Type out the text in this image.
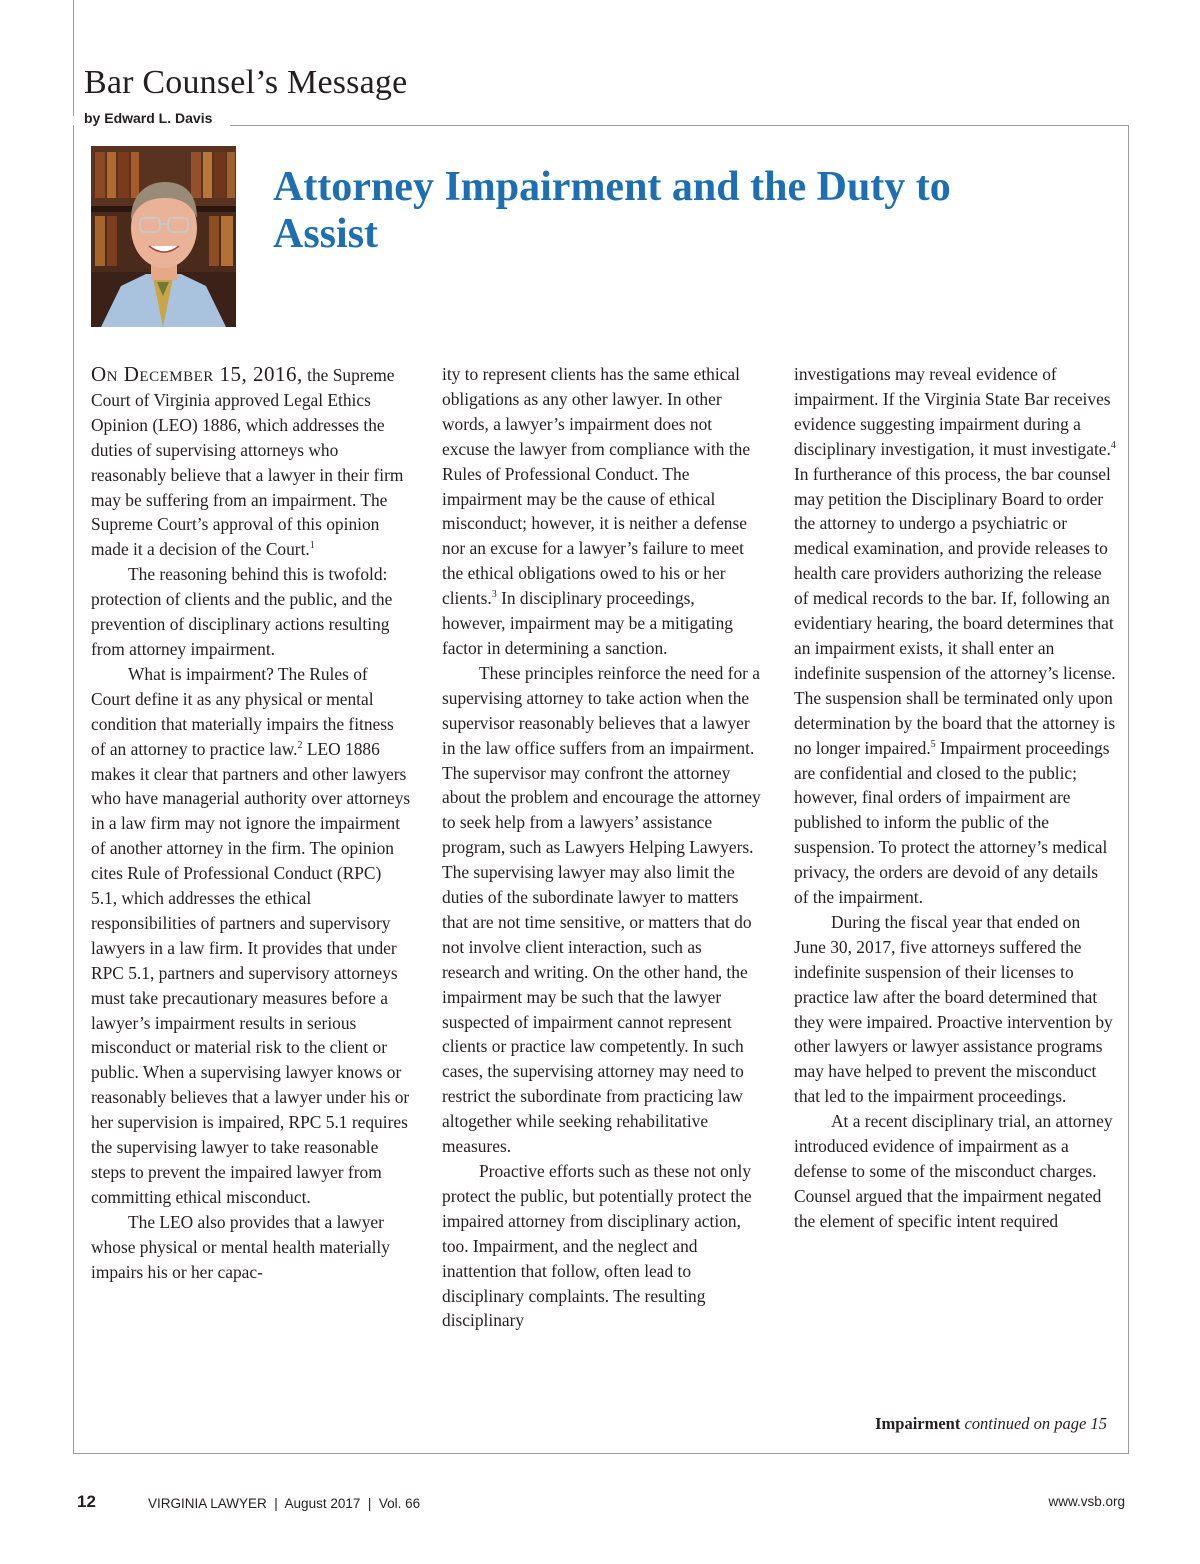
Bar Counsel’s Message
by Edward L. Davis
Attorney Impairment and the Duty to Assist

On December 15, 2016, the Supreme Court of Virginia approved Legal Ethics Opinion (LEO) 1886, which addresses the duties of supervising attorneys who reasonably believe that a lawyer in their firm may be suffering from an impairment. The Supreme Court’s approval of this opinion made it a decision of the Court.$^1$

The reasoning behind this is twofold: protection of clients and the public, and the prevention of disciplinary actions resulting from attorney impairment.

What is impairment? The Rules of Court define it as any physical or mental condition that materially impairs the fitness of an attorney to practice law.$^2$ LEO 1886 makes it clear that partners and other lawyers who have managerial authority over attorneys in a law firm may not ignore the impairment of another attorney in the firm. The opinion cites Rule of Professional Conduct (RPC) 5.1, which addresses the ethical responsibilities of partners and supervisory lawyers in a law firm. It provides that under RPC 5.1, partners and supervisory attorneys must take precautionary measures before a lawyer’s impairment results in serious misconduct or material risk to the client or public. When a supervising lawyer knows or reasonably believes that a lawyer under his or her supervision is impaired, RPC 5.1 requires the supervising lawyer to take reasonable steps to prevent the impaired lawyer from committing ethical misconduct.

The LEO also provides that a lawyer whose physical or mental health materially impairs his or her capac-

ity to represent clients has the same ethical obligations as any other lawyer. In other words, a lawyer’s impairment does not excuse the lawyer from compliance with the Rules of Professional Conduct. The impairment may be the cause of ethical misconduct; however, it is neither a defense nor an excuse for a lawyer’s failure to meet the ethical obligations owed to his or her clients.$^3$ In disciplinary proceedings, however, impairment may be a mitigating factor in determining a sanction.

These principles reinforce the need for a supervising attorney to take action when the supervisor reasonably believes that a lawyer in the law office suffers from an impairment. The supervisor may confront the attorney about the problem and encourage the attorney to seek help from a lawyers’ assistance program, such as Lawyers Helping Lawyers. The supervising lawyer may also limit the duties of the subordinate lawyer to matters that are not time sensitive, or matters that do not involve client interaction, such as research and writing. On the other hand, the impairment may be such that the lawyer suspected of impairment cannot represent clients or practice law competently. In such cases, the supervising attorney may need to restrict the subordinate from practicing law altogether while seeking rehabilitative measures.

Proactive efforts such as these not only protect the public, but potentially protect the impaired attorney from disciplinary action, too. Impairment, and the neglect and inattention that follow, often lead to disciplinary complaints. The resulting disciplinary

investigations may reveal evidence of impairment. If the Virginia State Bar receives evidence suggesting impairment during a disciplinary investigation, it must investigate.$^4$ In furtherance of this process, the bar counsel may petition the Disciplinary Board to order the attorney to undergo a psychiatric or medical examination, and provide releases to health care providers authorizing the release of medical records to the bar. If, following an evidentiary hearing, the board determines that an impairment exists, it shall enter an indefinite suspension of the attorney’s license. The suspension shall be terminated only upon determination by the board that the attorney is no longer impaired.$^5$ Impairment proceedings are confidential and closed to the public; however, final orders of impairment are published to inform the public of the suspension. To protect the attorney’s medical privacy, the orders are devoid of any details of the impairment.

During the fiscal year that ended on June 30, 2017, five attorneys suffered the indefinite suspension of their licenses to practice law after the board determined that they were impaired. Proactive intervention by other lawyers or lawyer assistance programs may have helped to prevent the misconduct that led to the impairment proceedings.

At a recent disciplinary trial, an attorney introduced evidence of impairment as a defense to some of the misconduct charges. Counsel argued that the impairment negated the element of specific intent required

Impairment continued on page 15
12	VIRGINIA LAWYER  |  August 2017  |  Vol. 66	www.vsb.org
